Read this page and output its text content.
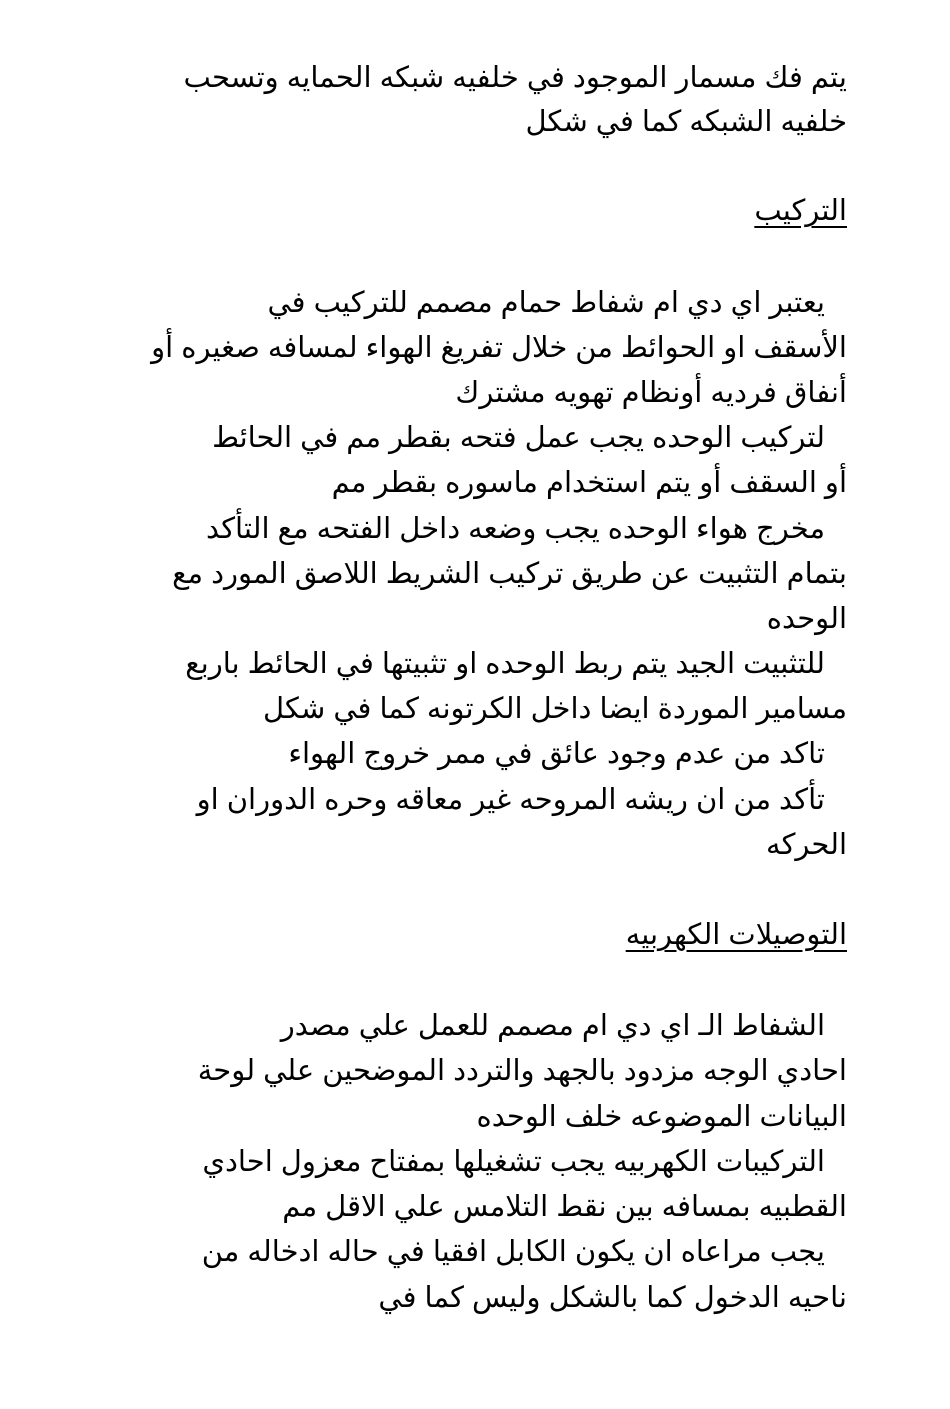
يتم فك مسمار الموجود في خلفيه شبكه الحمايه وتسحب
خلفيه الشبكه كما في شكل
التركيب
يعتبر اي دي ام شفاط حمام مصمم للتركيب في
الأسقف او الحوائط من خلال تفريغ الهواء لمسافه صغيره أو
أنفاق فرديه أونظام تهويه مشترك
لتركيب الوحده يجب عمل فتحه بقطر مم في الحائط
أو السقف أو يتم استخدام ماسوره بقطر مم
مخرج هواء الوحده يجب وضعه داخل الفتحه مع التأكد
بتمام التثبيت عن طريق تركيب الشريط اللاصق المورد مع
الوحده
للتثبيت الجيد يتم ربط الوحده او تثبيتها في الحائط باربع
مسامير الموردة ايضا داخل الكرتونه كما في شكل
تاكد من عدم وجود عائق في ممر خروج الهواء
تأكد من ان ريشه المروحه غير معاقه وحره الدوران او
الحركه
التوصيلات الكهربيه
الشفاط الـ اي دي ام مصمم للعمل علي مصدر
احادي الوجه مزدود بالجهد والتردد الموضحين علي لوحة
البيانات الموضوعه خلف الوحده
التركيبات الكهربيه يجب تشغيلها بمفتاح معزول احادي
القطبيه بمسافه بين نقط التلامس علي الاقل مم
يجب مراعاه ان يكون الكابل افقيا في حاله ادخاله من
ناحيه الدخول كما بالشكل وليس كما في
